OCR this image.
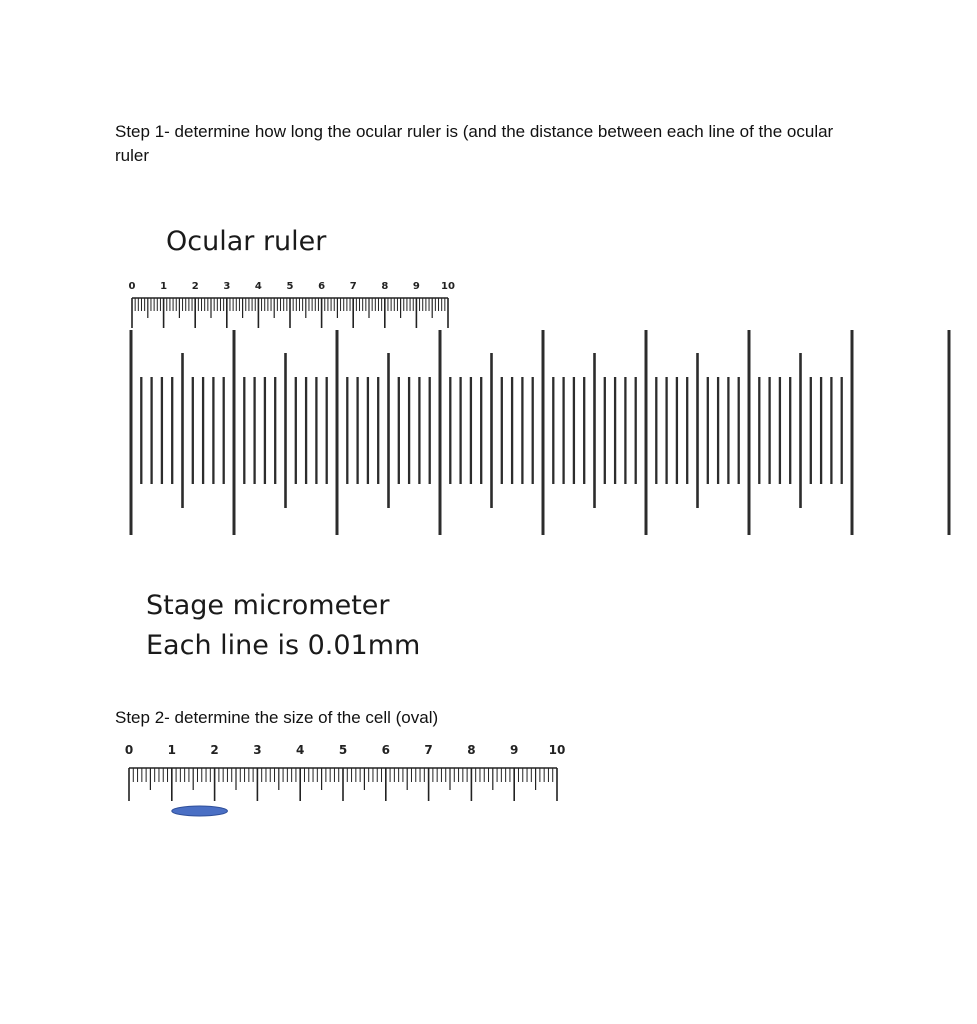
Step 1- determine how long the ocular ruler is (and the distance between each line of the ocular ruler
Ocular ruler
0 1 2 3 4 5 6 7 8 9 10
0	1	2	3	4	5	6	7	8	9	10
Stage micrometer
Each line is 0.01mm
Step 2- determine the size of the cell (oval)
